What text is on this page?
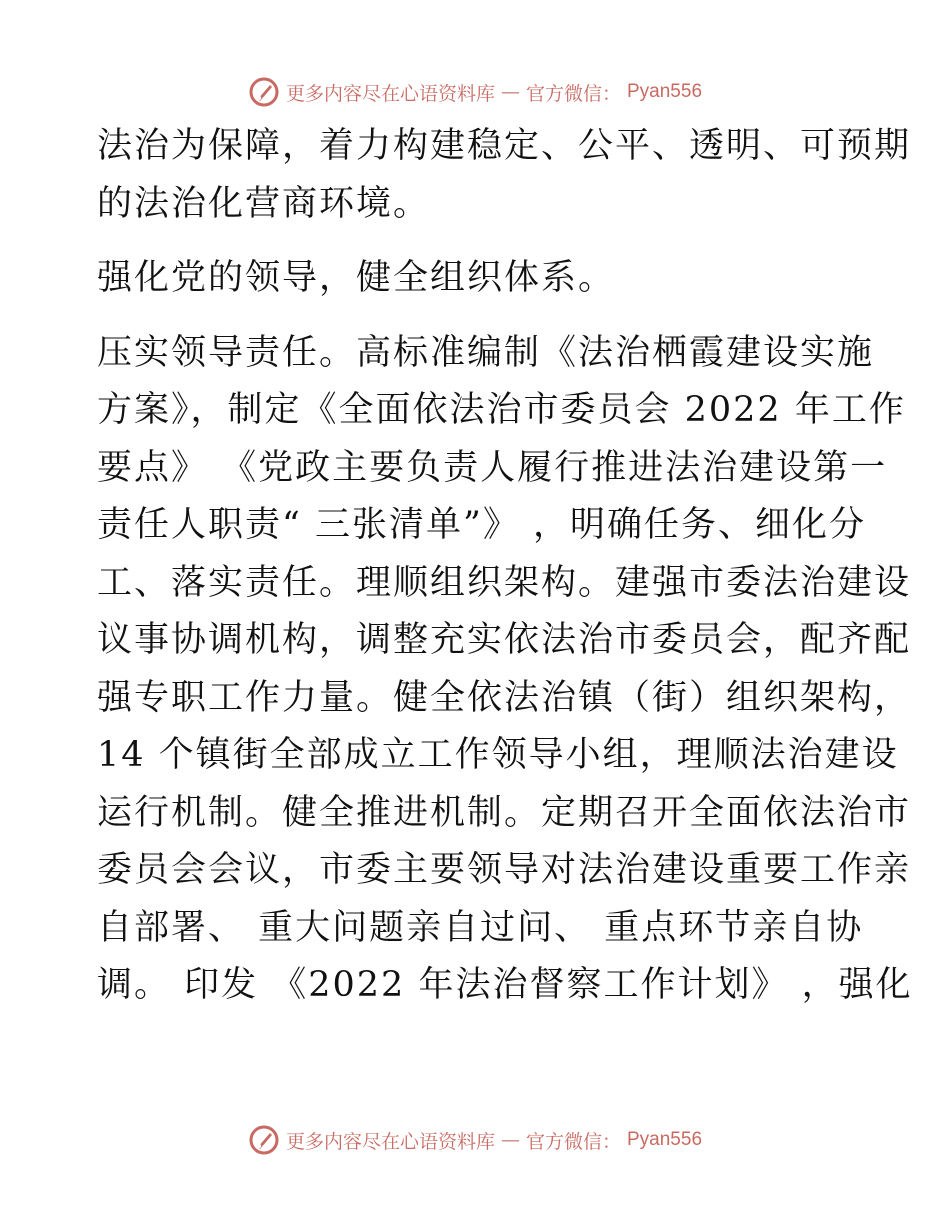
更多内容尽在心语资料库 — 官方微信： Pyan556

法治为保障，着力构建稳定、公平、透明、可预期
的法治化营商环境。

强化党的领导，健全组织体系。

压实领导责任。高标准编制《法治栖霞建设实施
方案》，制定《全面依法治市委员会 2022 年工作
要点》 《党政主要负责人履行推进法治建设第一
责任人职责“ 三张清单”》 ，明确任务、细化分
工、落实责任。理顺组织架构。建强市委法治建设
议事协调机构，调整充实依法治市委员会，配齐配
强专职工作力量。健全依法治镇（街）组织架构，
14 个镇街全部成立工作领导小组，理顺法治建设
运行机制。健全推进机制。定期召开全面依法治市
委员会会议，市委主要领导对法治建设重要工作亲
自部署、 重大问题亲自过问、 重点环节亲自协
调。 印发 《2022 年法治督察工作计划》 ，强化

更多内容尽在心语资料库 — 官方微信： Pyan556
